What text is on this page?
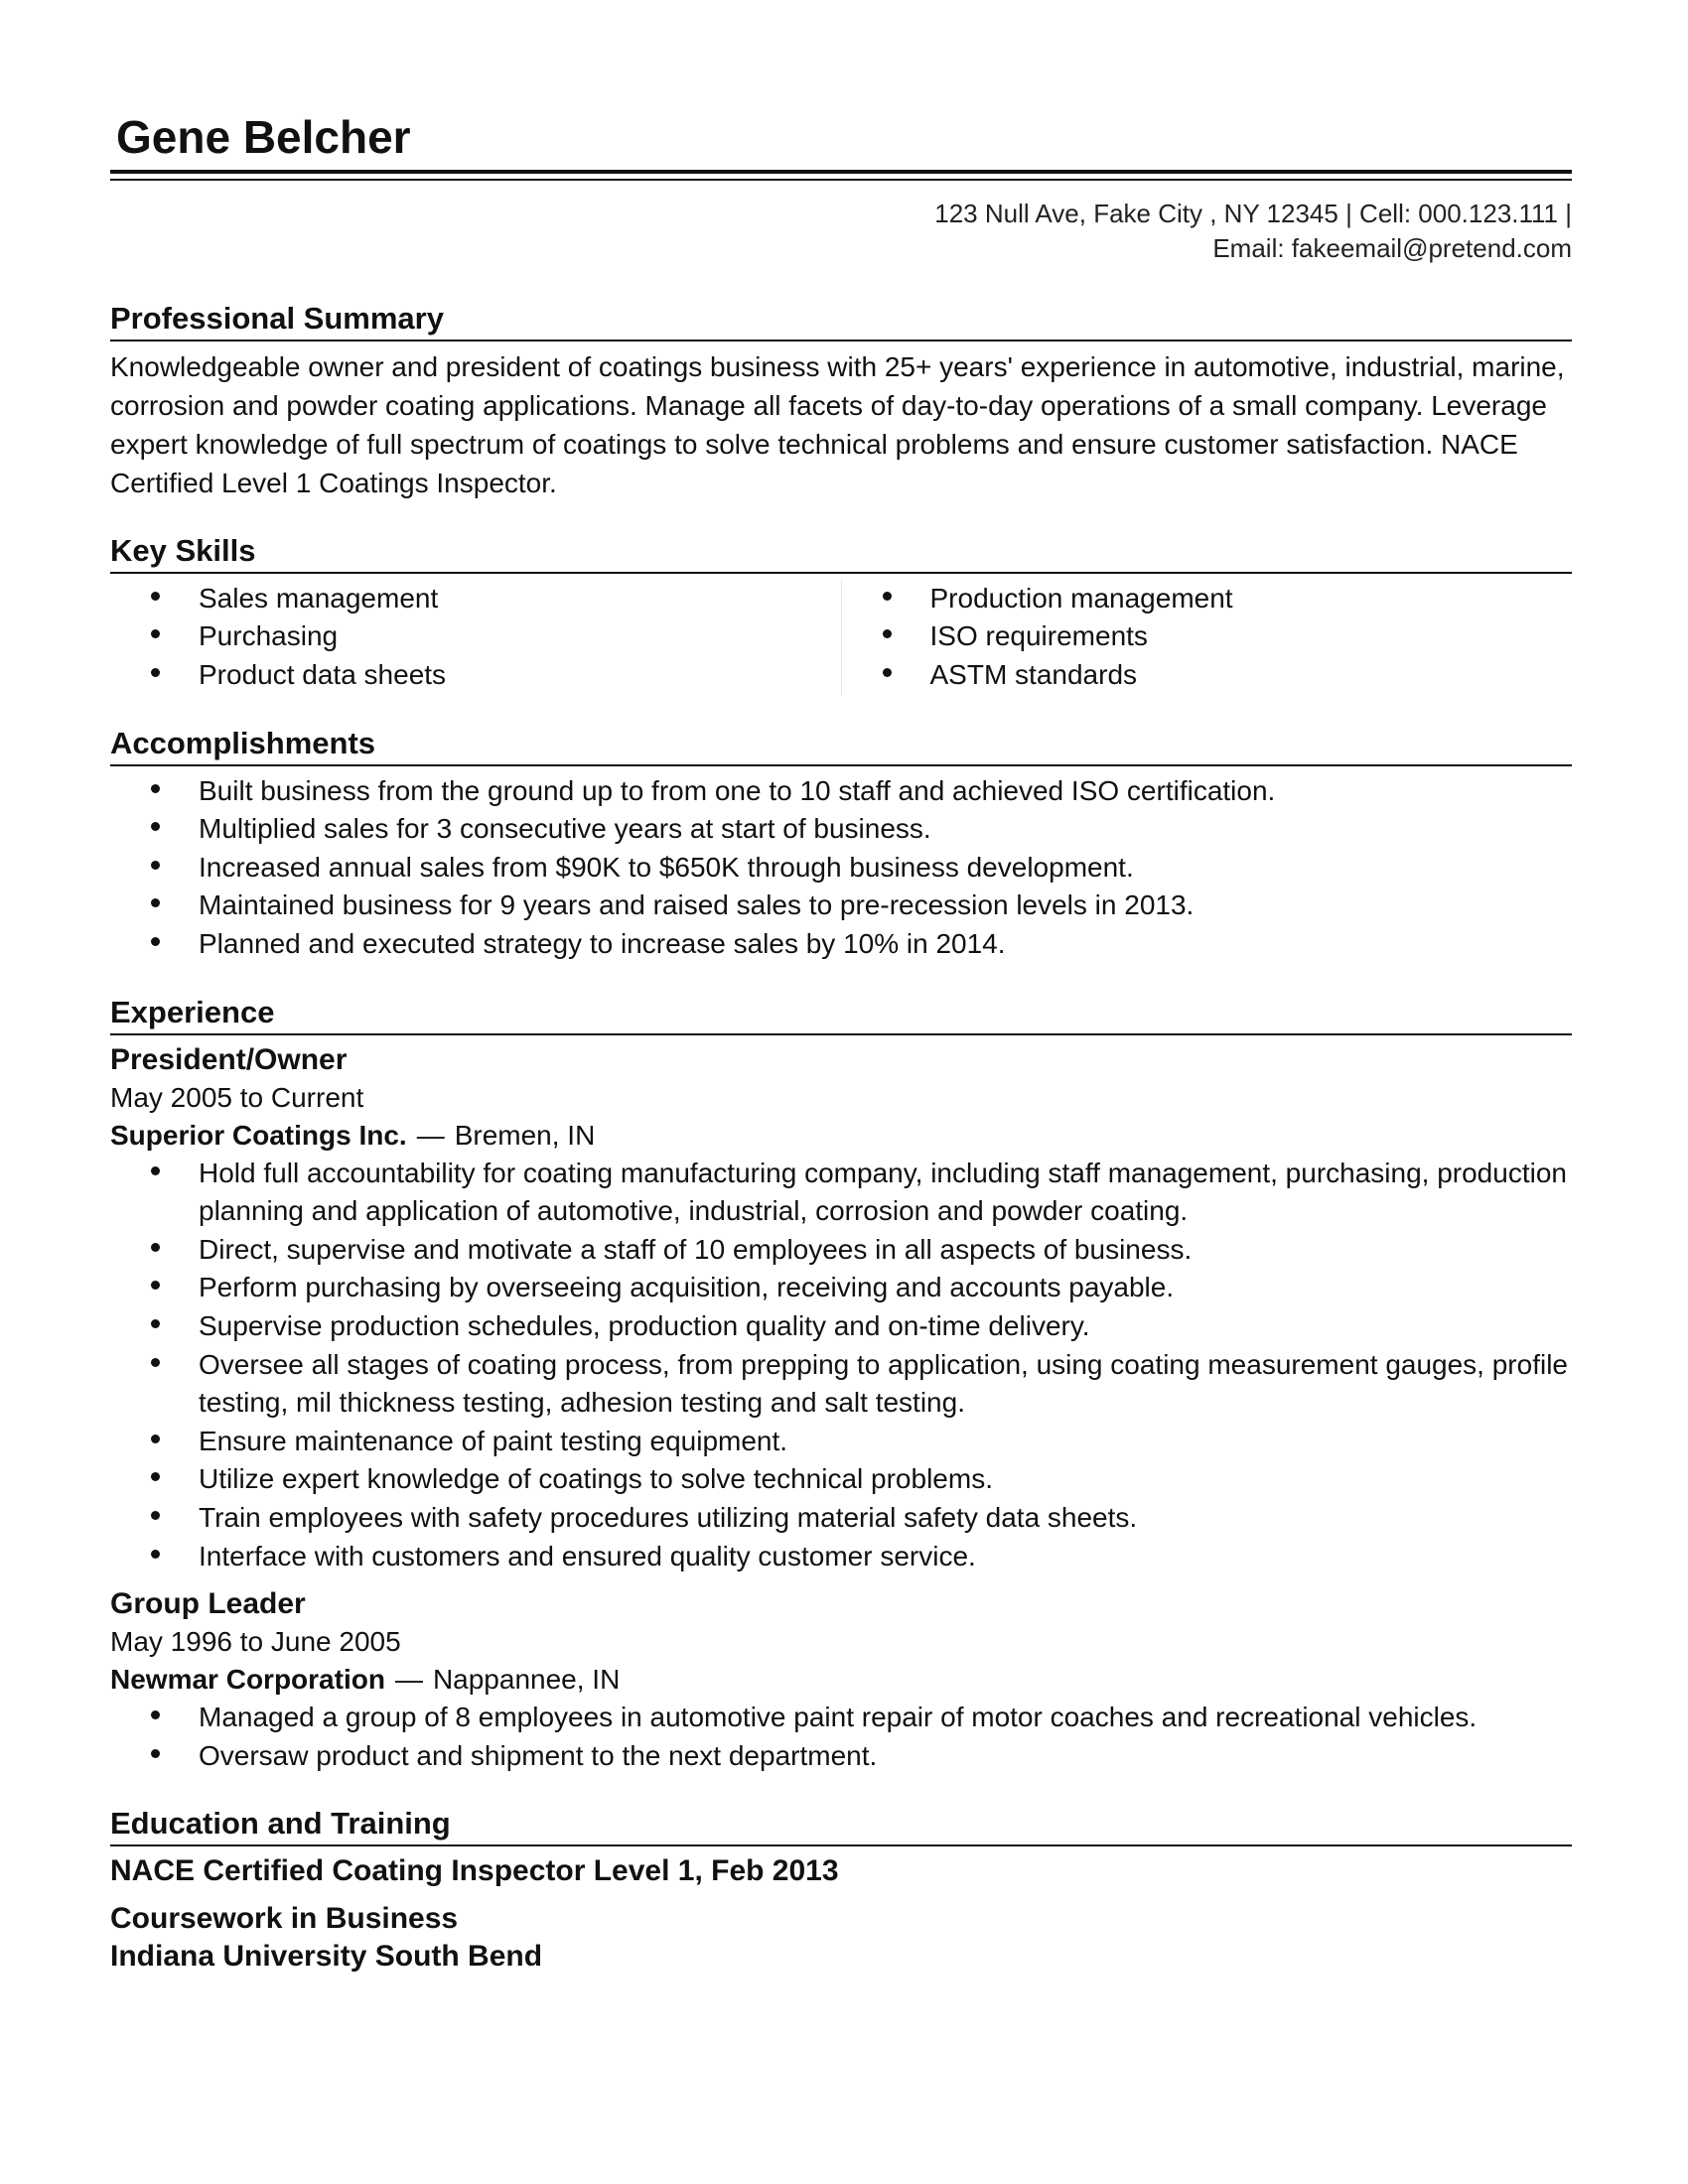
Gene Belcher
123 Null Ave, Fake City , NY 12345 | Cell: 000.123.111 |
Email: fakeemail@pretend.com
Professional Summary

Knowledgeable owner and president of coatings business with 25+ years' experience in automotive, industrial, marine, corrosion and powder coating applications. Manage all facets of day-to-day operations of a small company. Leverage expert knowledge of full spectrum of coatings to solve technical problems and ensure customer satisfaction. NACE Certified Level 1 Coatings Inspector.

Key Skills
Sales management
Purchasing
Product data sheets
Production management
ISO requirements
ASTM standards
Accomplishments
Built business from the ground up to from one to 10 staff and achieved ISO certification.
Multiplied sales for 3 consecutive years at start of business.
Increased annual sales from $90K to $650K through business development.
Maintained business for 9 years and raised sales to pre-recession levels in 2013.
Planned and executed strategy to increase sales by 10% in 2014.
Experience

President/Owner

May 2005 to Current

Superior Coatings Inc. — Bremen, IN

Hold full accountability for coating manufacturing company, including staff management, purchasing, production planning and application of automotive, industrial, corrosion and powder coating.
Direct, supervise and motivate a staff of 10 employees in all aspects of business.
Perform purchasing by overseeing acquisition, receiving and accounts payable.
Supervise production schedules, production quality and on-time delivery.
Oversee all stages of coating process, from prepping to application, using coating measurement gauges, profile testing, mil thickness testing, adhesion testing and salt testing.
Ensure maintenance of paint testing equipment.
Utilize expert knowledge of coatings to solve technical problems.
Train employees with safety procedures utilizing material safety data sheets.
Interface with customers and ensured quality customer service.

Group Leader

May 1996 to June 2005

Newmar Corporation — Nappannee, IN

Managed a group of 8 employees in automotive paint repair of motor coaches and recreational vehicles.
Oversaw product and shipment to the next department.
Education and Training

NACE Certified Coating Inspector Level 1, Feb 2013

Coursework in Business

Indiana University South Bend
